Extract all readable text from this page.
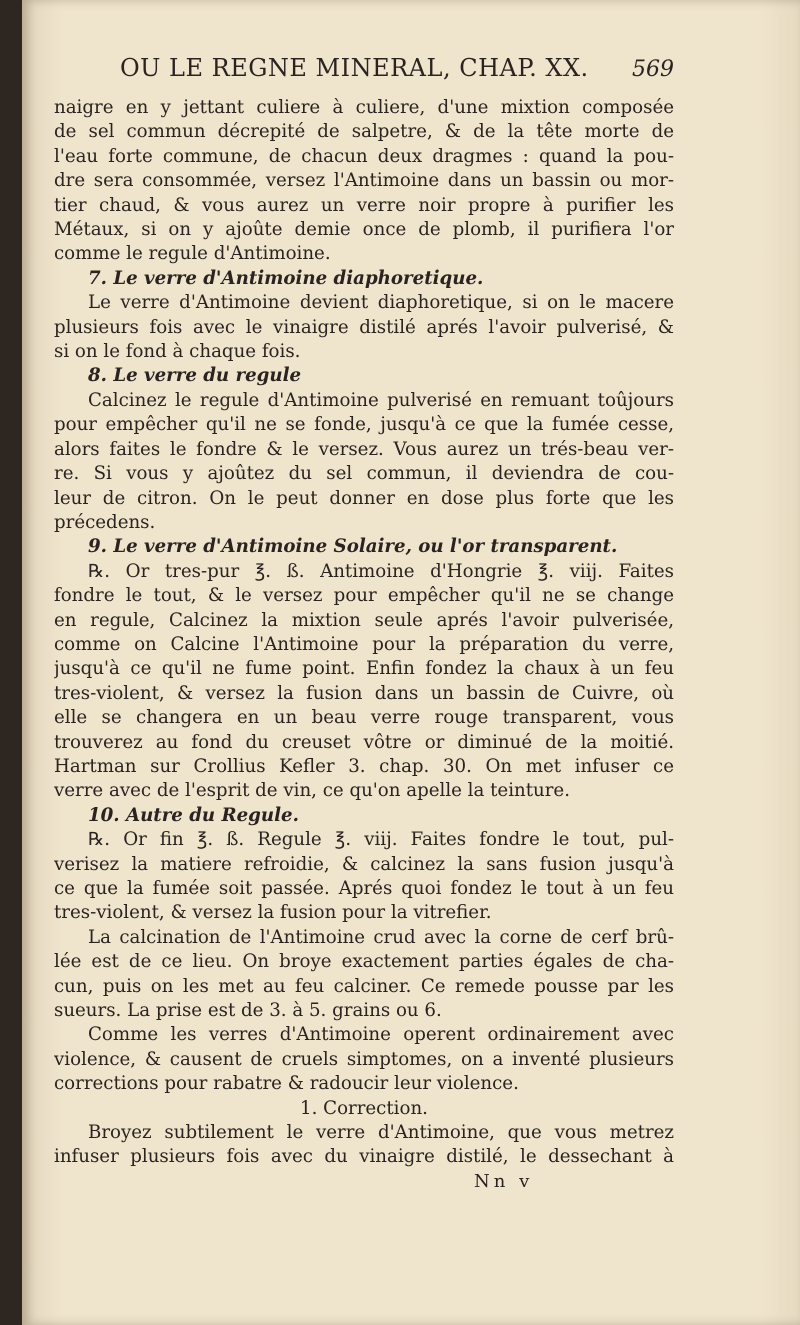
OU LE REGNE MINERAL, CHAP. XX. 569
naigre en y jettant culiere à culiere, d'une mixtion composée
de sel commun décrepité de salpetre, & de la tête morte de
l'eau forte commune, de chacun deux dragmes : quand la pou-
dre sera consommée, versez l'Antimoine dans un bassin ou mor-
tier chaud, & vous aurez un verre noir propre à purifier les
Métaux, si on y ajoûte demie once de plomb, il purifiera l'or
comme le regule d'Antimoine.
7. Le verre d'Antimoine diaphoretique.
Le verre d'Antimoine devient diaphoretique, si on le macere
plusieurs fois avec le vinaigre distilé aprés l'avoir pulverisé, &
si on le fond à chaque fois.
8. Le verre du regule
Calcinez le regule d'Antimoine pulverisé en remuant toûjours
pour empêcher qu'il ne se fonde, jusqu'à ce que la fumée cesse,
alors faites le fondre & le versez. Vous aurez un trés-beau ver-
re. Si vous y ajoûtez du sel commun, il deviendra de cou-
leur de citron. On le peut donner en dose plus forte que les
précedens.
9. Le verre d'Antimoine Solaire, ou l'or transparent.
℞. Or tres-pur ℥. ß. Antimoine d'Hongrie ℥. viij. Faites
fondre le tout, & le versez pour empêcher qu'il ne se change
en regule, Calcinez la mixtion seule aprés l'avoir pulverisée,
comme on Calcine l'Antimoine pour la préparation du verre,
jusqu'à ce qu'il ne fume point. Enfin fondez la chaux à un feu
tres-violent, & versez la fusion dans un bassin de Cuivre, où
elle se changera en un beau verre rouge transparent, vous
trouverez au fond du creuset vôtre or diminué de la moitié.
Hartman sur Crollius Kefler 3. chap. 30. On met infuser ce
verre avec de l'esprit de vin, ce qu'on apelle la teinture.
10. Autre du Regule.
℞. Or fin ℥. ß. Regule ℥. viij. Faites fondre le tout, pul-
verisez la matiere refroidie, & calcinez la sans fusion jusqu'à
ce que la fumée soit passée. Aprés quoi fondez le tout à un feu
tres-violent, & versez la fusion pour la vitrefier.
La calcination de l'Antimoine crud avec la corne de cerf brû-
lée est de ce lieu. On broye exactement parties égales de cha-
cun, puis on les met au feu calciner. Ce remede pousse par les
sueurs. La prise est de 3. à 5. grains ou 6.
Comme les verres d'Antimoine operent ordinairement avec
violence, & causent de cruels simptomes, on a inventé plusieurs
corrections pour rabatre & radoucir leur violence.
1. Correction.
Broyez subtilement le verre d'Antimoine, que vous metrez
infuser plusieurs fois avec du vinaigre distilé, le dessechant à
Nn v
